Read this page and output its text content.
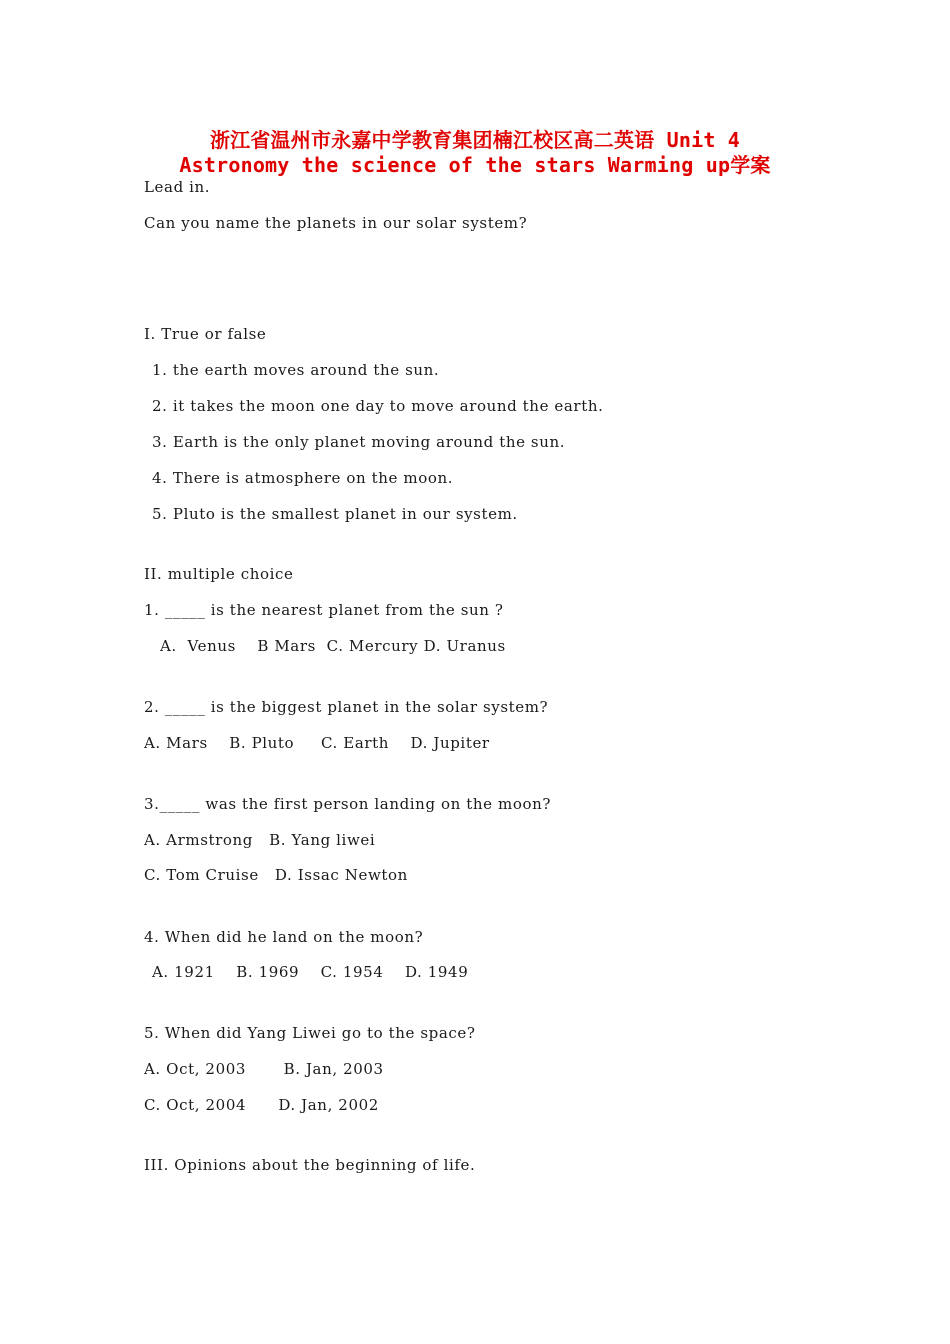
浙江省温州市永嘉中学教育集团楠江校区高二英语 Unit 4
Astronomy the science of the stars Warming up学案

Lead in.

Can you name the planets in our solar system?

I. True or false

1. the earth moves around the sun.

2. it takes the moon one day to move around the earth.

3. Earth is the only planet moving around the sun.

4. There is atmosphere on the moon.

5. Pluto is the smallest planet in our system.

II. multiple choice

1. _____ is the nearest planet from the sun ?

A.  Venus    B Mars  C. Mercury D. Uranus

2. _____ is the biggest planet in the solar system?

A. Mars    B. Pluto     C. Earth    D. Jupiter

3._____ was the first person landing on the moon?

A. Armstrong   B. Yang liwei

C. Tom Cruise   D. Issac Newton

4. When did he land on the moon?

A. 1921    B. 1969    C. 1954    D. 1949

5. When did Yang Liwei go to the space?

A. Oct, 2003       B. Jan, 2003

C. Oct, 2004      D. Jan, 2002

III. Opinions about the beginning of life.
